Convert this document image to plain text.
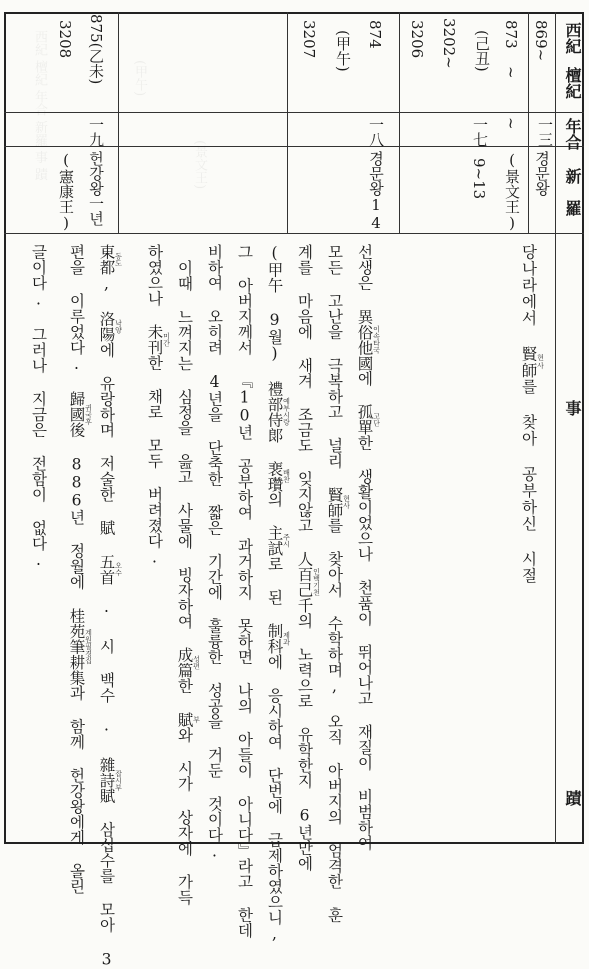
西紀 檀紀 年合 新羅 事 蹟	(景文王)
(甲午)
西紀
檀紀
年合
新　羅
事
蹟
869~
873
~
(己丑)
3202~
3206
一三
~
一七
경문왕
(景文王)
9~13
874
(甲午)
3207
一八
경문왕14
875(乙未)
3208
一九
헌강왕一년
(憲康王)
당나라에서 賢師 현사를 찾아 공부하신 시절
선생은 異俗他國 이속타국에 孤單 고단한 생활이었으나 천품이 뛰어나고 재질이 비범하여
모든 고난을 극복하고 널리 賢師 현사를 찾아서 수학하며, 오직 아버지의 엄격한 훈
계를 마음에 새겨 조금도 잊지않고 人百己千 인백기천의 노력으로 유학한지 6년만에
(甲午 9월) 禮部侍郞 예부시랑 裵瓚 배찬의 主試 주시로 된 制科 제과에 응시하여 단번에 급제하였으니,
그 아버지께서 『10년 공부하여 과거하지 못하면 나의 아들이 아니다』라고 한데
비하여 오히려 4년을 단축한 짧은 기간에 훌륭한 성공을 거둔 것이다.
이때 느껴지는 심정을 읊고 사물에 빙자하여 成篇 성편한 賦 부와 시가 상자에 가득
하였으나 未刊 미간한 채로 모두 버려졌다.
東都 동도, 洛陽 낙양에 유랑하며 저술한 賦 五首 오수 · 시 백수 · 雜詩賦 잡시부 삼십수를 모아 3
편을 이루었다. 歸國後 귀국후 886년 정월에 桂苑筆耕集 계원필경집과 함께 헌강왕에게 올린
글이다. 그러나 지금은 전함이 없다.
